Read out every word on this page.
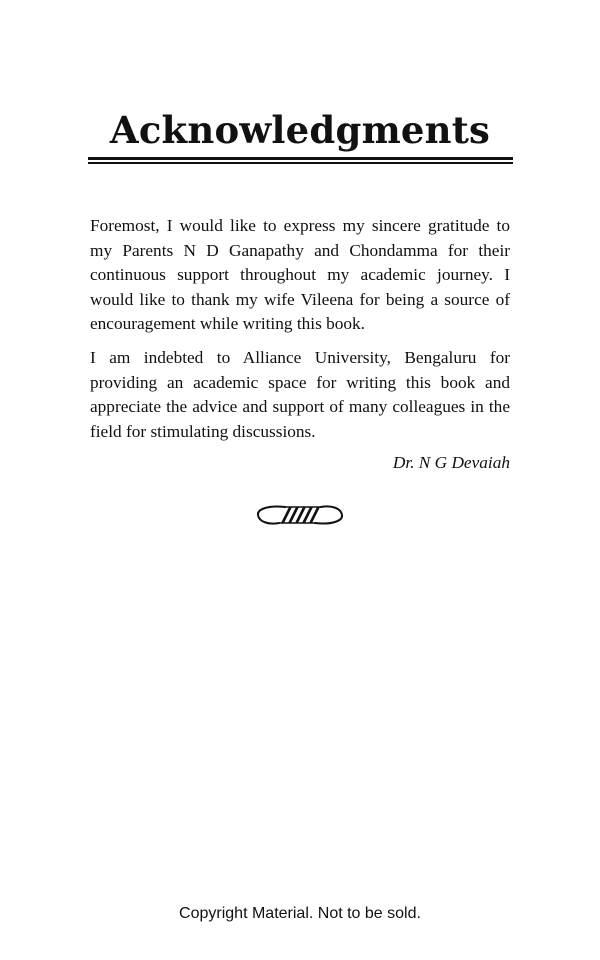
Acknowledgments

Foremost, I would like to express my sincere gratitude to my Parents N D Ganapathy and Chondamma for their continuous support throughout my academic journey. I would like to thank my wife Vileena for being a source of encouragement while writing this book.

I am indebted to Alliance University, Bengaluru for providing an academic space for writing this book and appreciate the advice and support of many colleagues in the field for stimulating discussions.

Dr. N G Devaiah
Copyright Material. Not to be sold.
